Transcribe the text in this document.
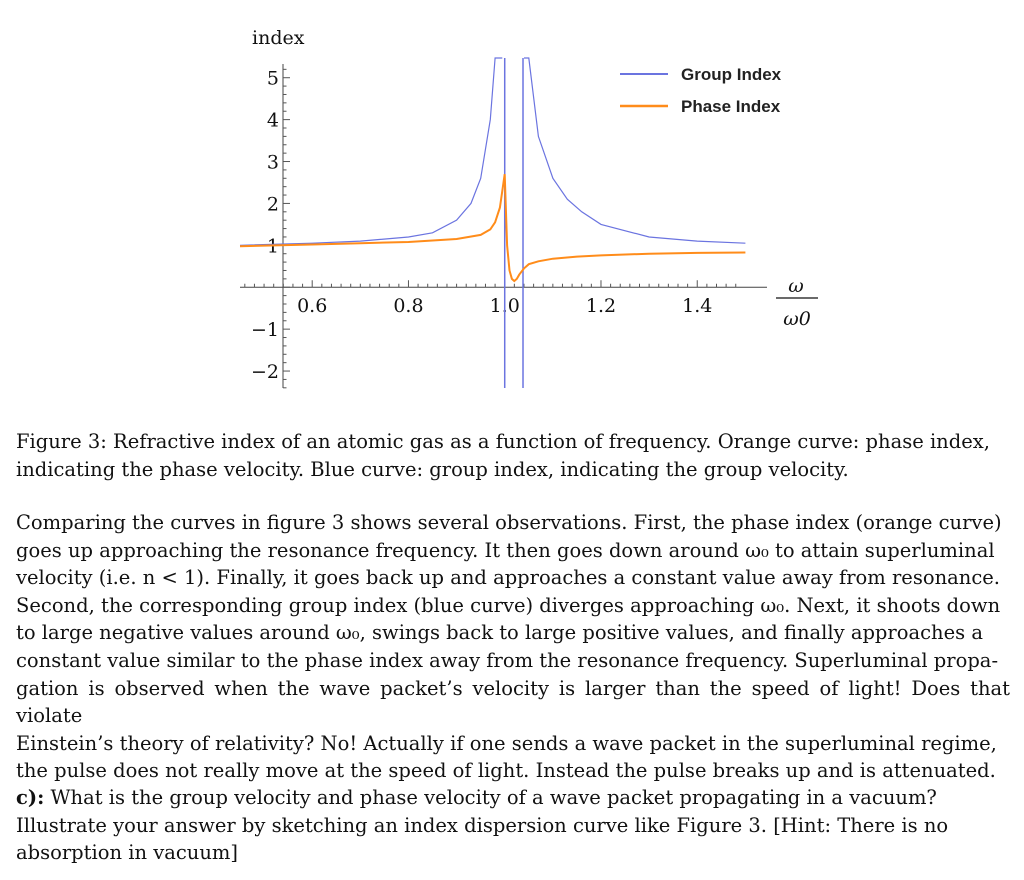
0.6	0.8	1.0	1.2	1.4
5
4
3
2
1
−1
−2
Group Index
Phase Index
index
ω
ω0
Figure 3: Refractive index of an atomic gas as a function of frequency. Orange curve: phase index,
indicating the phase velocity. Blue curve: group index, indicating the group velocity.
Comparing the curves in figure 3 shows several observations. First, the phase index (orange curve)
goes up approaching the resonance frequency. It then goes down around ω₀ to attain superluminal
velocity (i.e. n < 1). Finally, it goes back up and approaches a constant value away from resonance.
Second, the corresponding group index (blue curve) diverges approaching ω₀. Next, it shoots down
to large negative values around ω₀, swings back to large positive values, and finally approaches a
constant value similar to the phase index away from the resonance frequency. Superluminal propa-
gation is observed when the wave packet’s velocity is larger than the speed of light! Does that violate
Einstein’s theory of relativity? No! Actually if one sends a wave packet in the superluminal regime,
the pulse does not really move at the speed of light. Instead the pulse breaks up and is attenuated.
c): What is the group velocity and phase velocity of a wave packet propagating in a vacuum?
Illustrate your answer by sketching an index dispersion curve like Figure 3. [Hint: There is no
absorption in vacuum]
